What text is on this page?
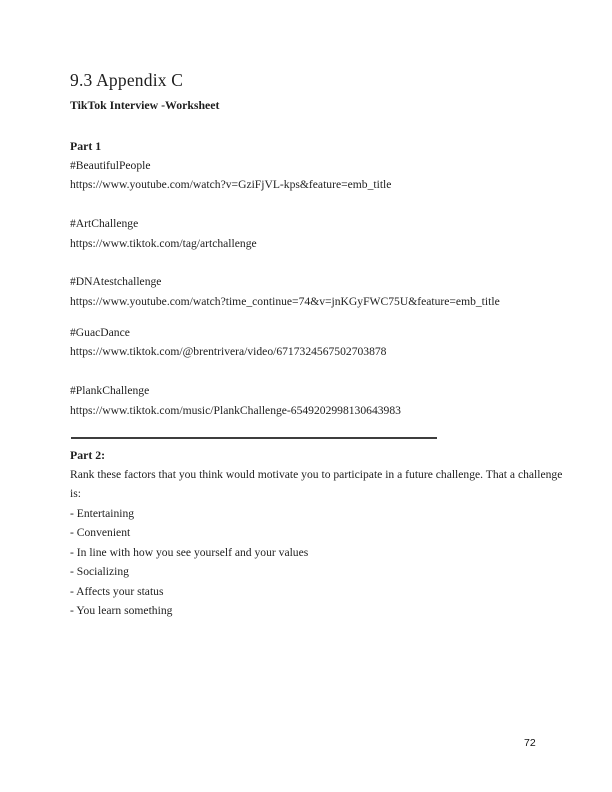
9.3 Appendix C
TikTok Interview -Worksheet
Part 1
#BeautifulPeople
https://www.youtube.com/watch?v=GziFjVL-kps&feature=emb_title
#ArtChallenge
https://www.tiktok.com/tag/artchallenge
#DNAtestchallenge
https://www.youtube.com/watch?time_continue=74&v=jnKGyFWC75U&feature=emb_title
#GuacDance
https://www.tiktok.com/@brentrivera/video/6717324567502703878
#PlankChallenge
https://www.tiktok.com/music/PlankChallenge-6549202998130643983
Part 2:
Rank these factors that you think would motivate you to participate in a future challenge. That a challenge
is:
- Entertaining
- Convenient
- In line with how you see yourself and your values
- Socializing
- Affects your status
- You learn something
72
